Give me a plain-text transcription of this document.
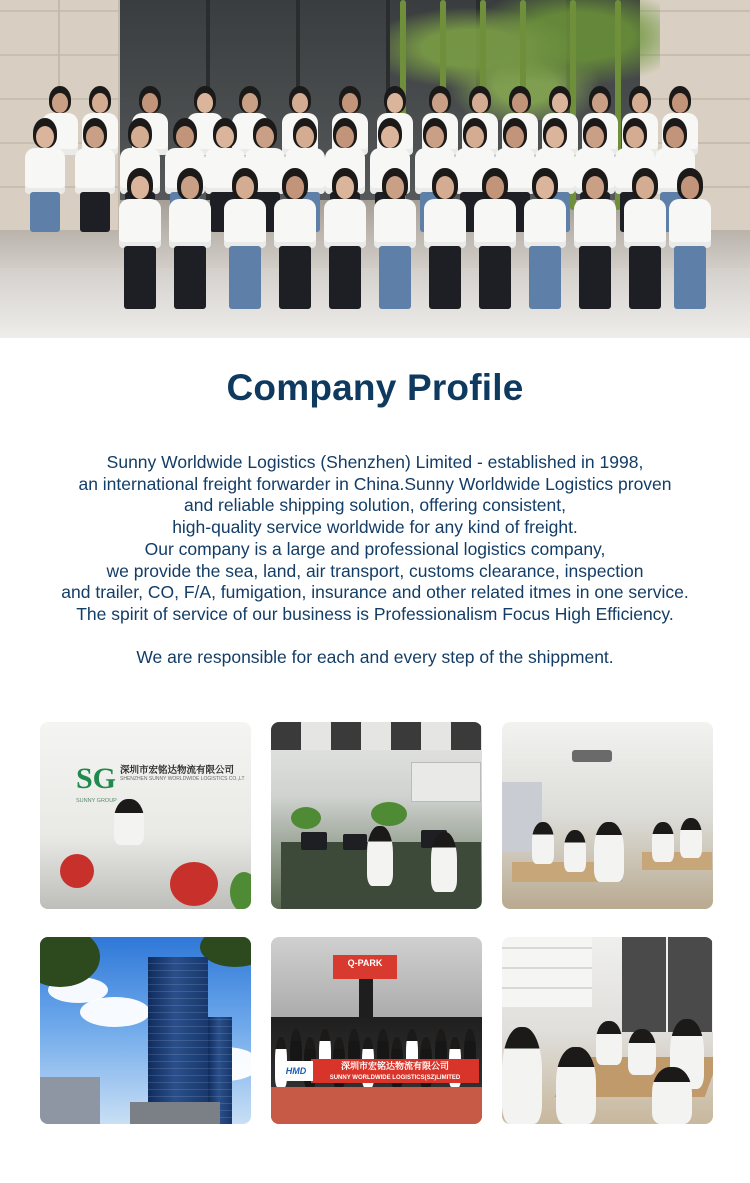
Company Profile
Sunny Worldwide Logistics (Shenzhen) Limited - established in 1998,
an international freight forwarder in China.Sunny Worldwide Logistics proven
and reliable shipping solution, offering consistent,
high-quality service worldwide for any kind of freight.
Our company is a large and professional logistics company,
we provide the sea, land, air transport, customs clearance, inspection
and trailer, CO, F/A, fumigation, insurance and other related itmes in one service.
The spirit of service of our business is Professionalism Focus High Efficiency.
We are responsible for each and every step of the shippment.
SG
SUNNY GROUP
深圳市宏铭达物流有限公司
SHENZHEN SUNNY WORLDWIDE LOGISTICS CO.,LT
Q-PARK
深圳市宏铭达物流有限公司
SUNNY WORLDWIDE LOGISTICS(SZ)LIMITED
HMD
